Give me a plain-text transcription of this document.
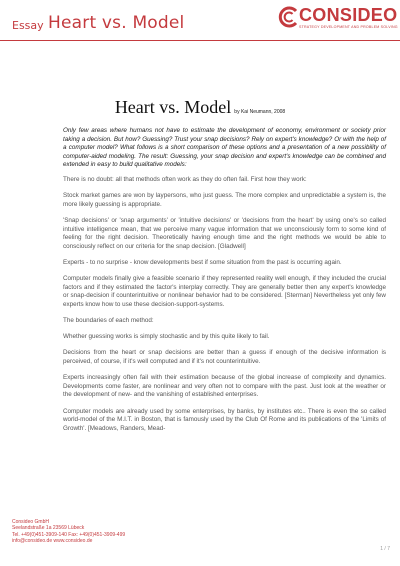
Essay Heart vs. Model	CONSIDEO
STRATEGY DEVELOPMENT AND PROBLEM SOLVING
Heart vs. Model by Kai Neumann, 2008

Only few areas where humans not have to estimate the development of economy, environment or society prior taking a decision. But how? Guessing? Trust your snap decisions? Rely on expert's knowledge? Or with the help of a computer model? What follows is a short comparison of these options and a presentation of a new possibility of computer-aided modeling. The result: Guessing, your snap decision and expert's knowledge can be combined and extended in easy to build qualitative models:

There is no doubt: all that methods often work as they do often fail. First how they work:

Stock market games are won by laypersons, who just guess. The more complex and unpredictable a system is, the more likely guessing is appropriate.

'Snap decisions' or 'snap arguments' or 'intuitive decisions' or 'decisions from the heart' by using one's so called intuitive intelligence mean, that we perceive many vague information that we unconsciously form to some kind of feeling for the right decision. Theoretically having enough time and the right methods we would be able to consciously reflect on our criteria for the snap decision. [Gladwell]

Experts - to no surprise - know developments best if some situation from the past is occurring again.

Computer models finally give a feasible scenario if they represented reality well enough, if they included the crucial factors and if they estimated the factor's interplay correctly. They are generally better then any expert's knowledge or snap-decision if counterintuitive or nonlinear behavior had to be considered. [Sterman] Nevertheless yet only few experts know how to use these decision-support-systems.

The boundaries of each method:

Whether guessing works is simply stochastic and by this quite likely to fail.

Decisions from the heart or snap decisions are better than a guess if enough of the decisive information is perceived, of course, if it's well computed and if it's not counterintuitive.

Experts increasingly often fail with their estimation because of the global increase of complexity and dynamics. Developments come faster, are nonlinear and very often not to compare with the past. Just look at the weather or the development of new- and the vanishing of established enterprises.

Computer models are already used by some enterprises, by banks, by institutes etc.. There is even the so called world-model of the M.I.T. in Boston, that is famously used by the Club Of Rome and its publications of the 'Limits of Growth'. [Meadows, Randers, Mead-

Consideo GmbH
Seelandstraße 1a 23569 Lübeck
Tel. +49(0)451-3909-140 Fax: +49(0)451-3909-499
info@consideo.de www.consideo.de
1 / 7
